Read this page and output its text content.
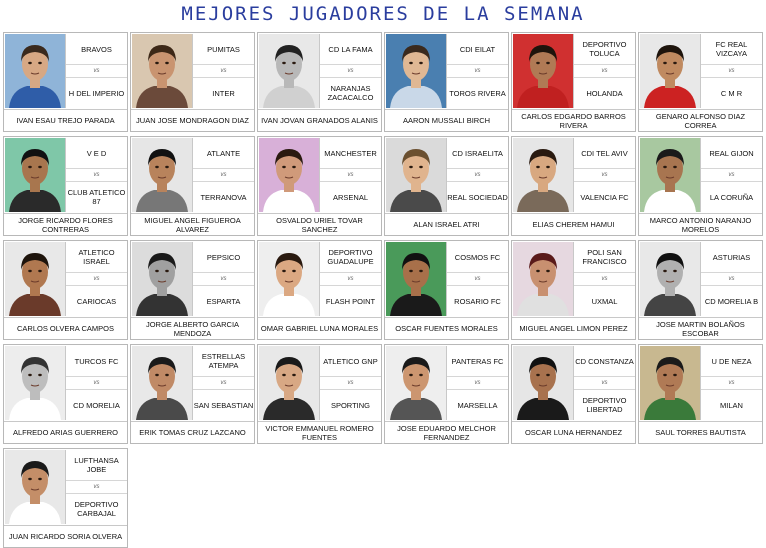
MEJORES JUGADORES DE LA SEMANA
BRAVOS
vs
H DEL IMPERIO
IVAN ESAU TREJO PARADA
PUMITAS
vs
INTER
JUAN JOSE MONDRAGON DIAZ
CD LA FAMA
vs
NARANJAS ZACACALCO
IVAN JOVAN GRANADOS ALANIS
CDI EILAT
vs
TOROS RIVERA
AARON MUSSALI BIRCH
DEPORTIVO TOLUCA
vs
HOLANDA
CARLOS EDGARDO BARROS RIVERA
FC REAL VIZCAYA
vs
C M R
GENARO ALFONSO DIAZ CORREA
V E D
vs
CLUB ATLETICO 87
JORGE RICARDO FLORES CONTRERAS
ATLANTE
vs
TERRANOVA
MIGUEL ANGEL FIGUEROA ALVAREZ
MANCHESTER
vs
ARSENAL
OSVALDO URIEL TOVAR SANCHEZ
CD ISRAELITA
vs
REAL SOCIEDAD
ALAN ISRAEL ATRI
CDI TEL AVIV
vs
VALENCIA FC
ELIAS CHEREM HAMUI
REAL GIJON
vs
LA CORUÑA
MARCO ANTONIO NARANJO MORELOS
ATLETICO ISRAEL
vs
CARIOCAS
CARLOS OLVERA CAMPOS
PEPSICO
vs
ESPARTA
JORGE ALBERTO GARCIA MENDOZA
DEPORTIVO GUADALUPE
vs
FLASH POINT
OMAR GABRIEL LUNA MORALES
COSMOS FC
vs
ROSARIO FC
OSCAR FUENTES MORALES
POLI SAN FRANCISCO
vs
UXMAL
MIGUEL ANGEL LIMON PEREZ
ASTURIAS
vs
CD MORELIA B
JOSE MARTIN BOLAÑOS ESCOBAR
TURCOS FC
vs
CD MORELIA
ALFREDO ARIAS GUERRERO
ESTRELLAS ATEMPA
vs
SAN SEBASTIAN
ERIK TOMAS CRUZ LAZCANO
ATLETICO GNP
vs
SPORTING
VICTOR EMMANUEL ROMERO FUENTES
PANTERAS FC
vs
MARSELLA
JOSE EDUARDO MELCHOR FERNANDEZ
CD CONSTANZA
vs
DEPORTIVO LIBERTAD
OSCAR LUNA HERNANDEZ
U DE NEZA
vs
MILAN
SAUL TORRES BAUTISTA
LUFTHANSA JOBE
vs
DEPORTIVO CARBAJAL
JUAN RICARDO SORIA OLVERA
